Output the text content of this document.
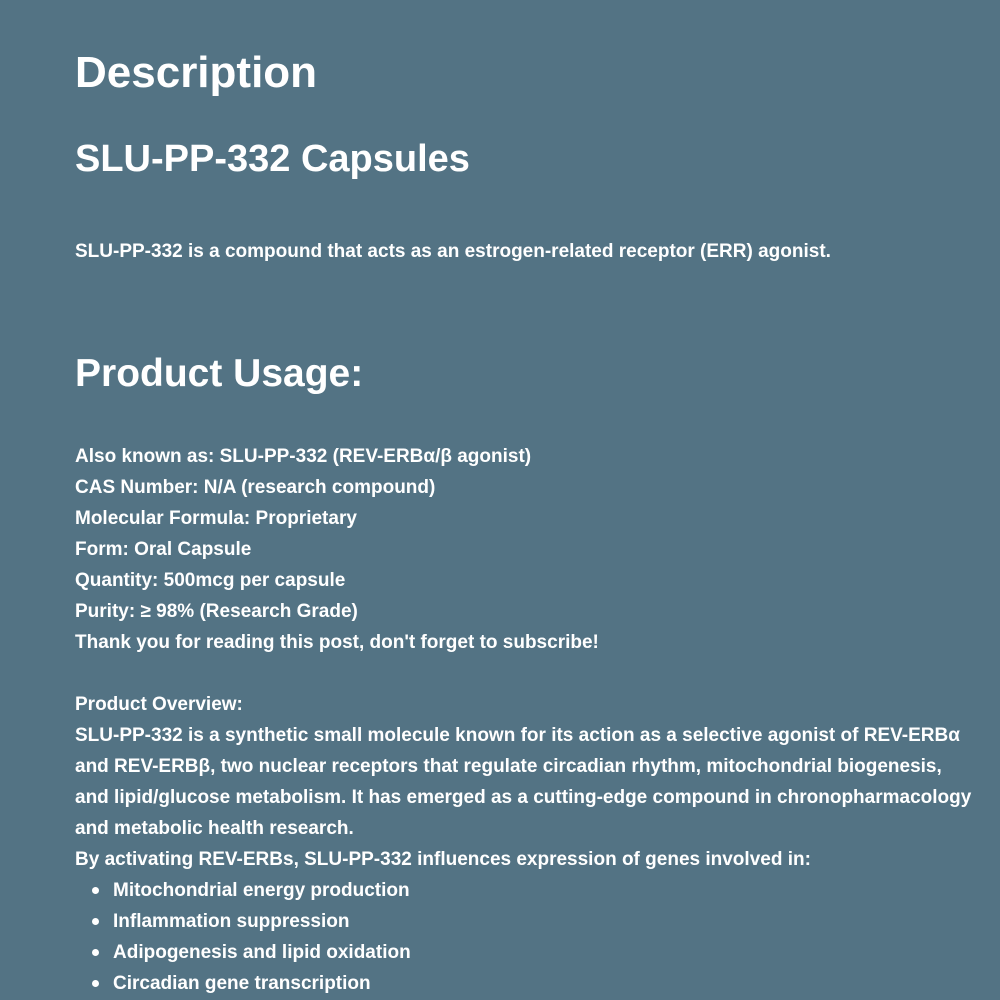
Description
SLU-PP-332 Capsules

SLU-PP-332 is a compound that acts as an estrogen-related receptor (ERR) agonist.

Product Usage:
Also known as: SLU-PP-332 (REV-ERBα/β agonist)
CAS Number: N/A (research compound)
Molecular Formula: Proprietary
Form: Oral Capsule
Quantity: 500mcg per capsule
Purity: ≥ 98% (Research Grade)
Thank you for reading this post, don't forget to subscribe!
Product Overview:

SLU-PP-332 is a synthetic small molecule known for its action as a selective agonist of REV-ERBα and REV-ERBβ, two nuclear receptors that regulate circadian rhythm, mitochondrial biogenesis, and lipid/glucose metabolism. It has emerged as a cutting-edge compound in chronopharmacology and metabolic health research.

By activating REV-ERBs, SLU-PP-332 influences expression of genes involved in:
Mitochondrial energy production
Inflammation suppression
Adipogenesis and lipid oxidation
Circadian gene transcription
